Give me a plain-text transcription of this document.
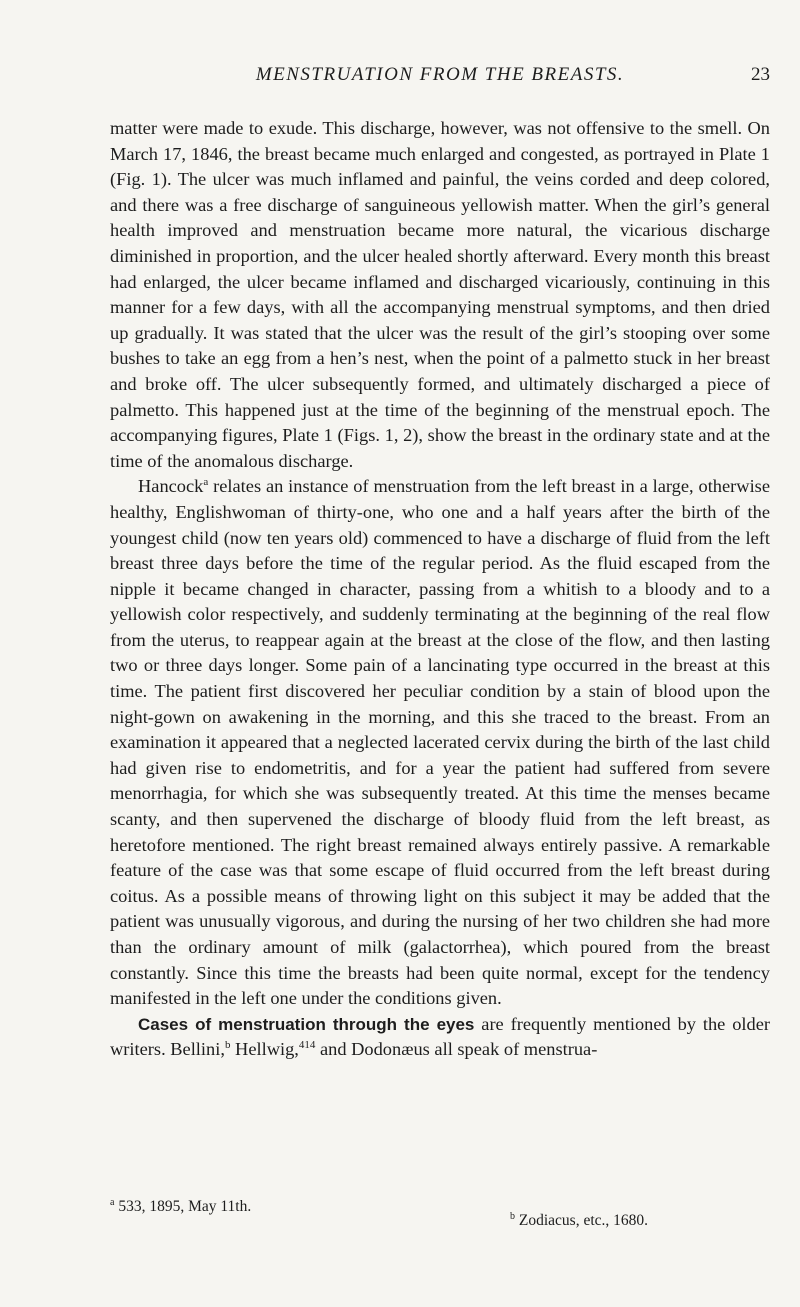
MENSTRUATION FROM THE BREASTS.	23

matter were made to exude. This discharge, however, was not offensive to the smell. On March 17, 1846, the breast became much enlarged and congested, as portrayed in Plate 1 (Fig. 1). The ulcer was much inflamed and painful, the veins corded and deep colored, and there was a free discharge of sanguineous yellowish matter. When the girl’s general health improved and menstruation became more natural, the vicarious discharge diminished in proportion, and the ulcer healed shortly afterward. Every month this breast had enlarged, the ulcer became inflamed and discharged vicariously, continuing in this manner for a few days, with all the accompanying menstrual symptoms, and then dried up gradually. It was stated that the ulcer was the result of the girl’s stooping over some bushes to take an egg from a hen’s nest, when the point of a palmetto stuck in her breast and broke off. The ulcer subsequently formed, and ultimately discharged a piece of palmetto. This happened just at the time of the beginning of the menstrual epoch. The accompanying figures, Plate 1 (Figs. 1, 2), show the breast in the ordinary state and at the time of the anomalous discharge.

Hancock$^a$ relates an instance of menstruation from the left breast in a large, otherwise healthy, Englishwoman of thirty-one, who one and a half years after the birth of the youngest child (now ten years old) commenced to have a discharge of fluid from the left breast three days before the time of the regular period. As the fluid escaped from the nipple it became changed in character, passing from a whitish to a bloody and to a yellowish color respectively, and suddenly terminating at the beginning of the real flow from the uterus, to reappear again at the breast at the close of the flow, and then lasting two or three days longer. Some pain of a lancinating type occurred in the breast at this time. The patient first discovered her peculiar condition by a stain of blood upon the night-gown on awakening in the morning, and this she traced to the breast. From an examination it appeared that a neglected lacerated cervix during the birth of the last child had given rise to endometritis, and for a year the patient had suffered from severe menorrhagia, for which she was subsequently treated. At this time the menses became scanty, and then supervened the discharge of bloody fluid from the left breast, as heretofore mentioned. The right breast remained always entirely passive. A remarkable feature of the case was that some escape of fluid occurred from the left breast during coitus. As a possible means of throwing light on this subject it may be added that the patient was unusually vigorous, and during the nursing of her two children she had more than the ordinary amount of milk (galactorrhea), which poured from the breast constantly. Since this time the breasts had been quite normal, except for the tendency manifested in the left one under the conditions given.

Cases of menstruation through the eyes are frequently mentioned by the older writers. Bellini,$^b$ Hellwig,$^{414}$ and Dodonæus all speak of menstrua-

$^a$ 533, 1895, May 11th.
$^b$ Zodiacus, etc., 1680.
